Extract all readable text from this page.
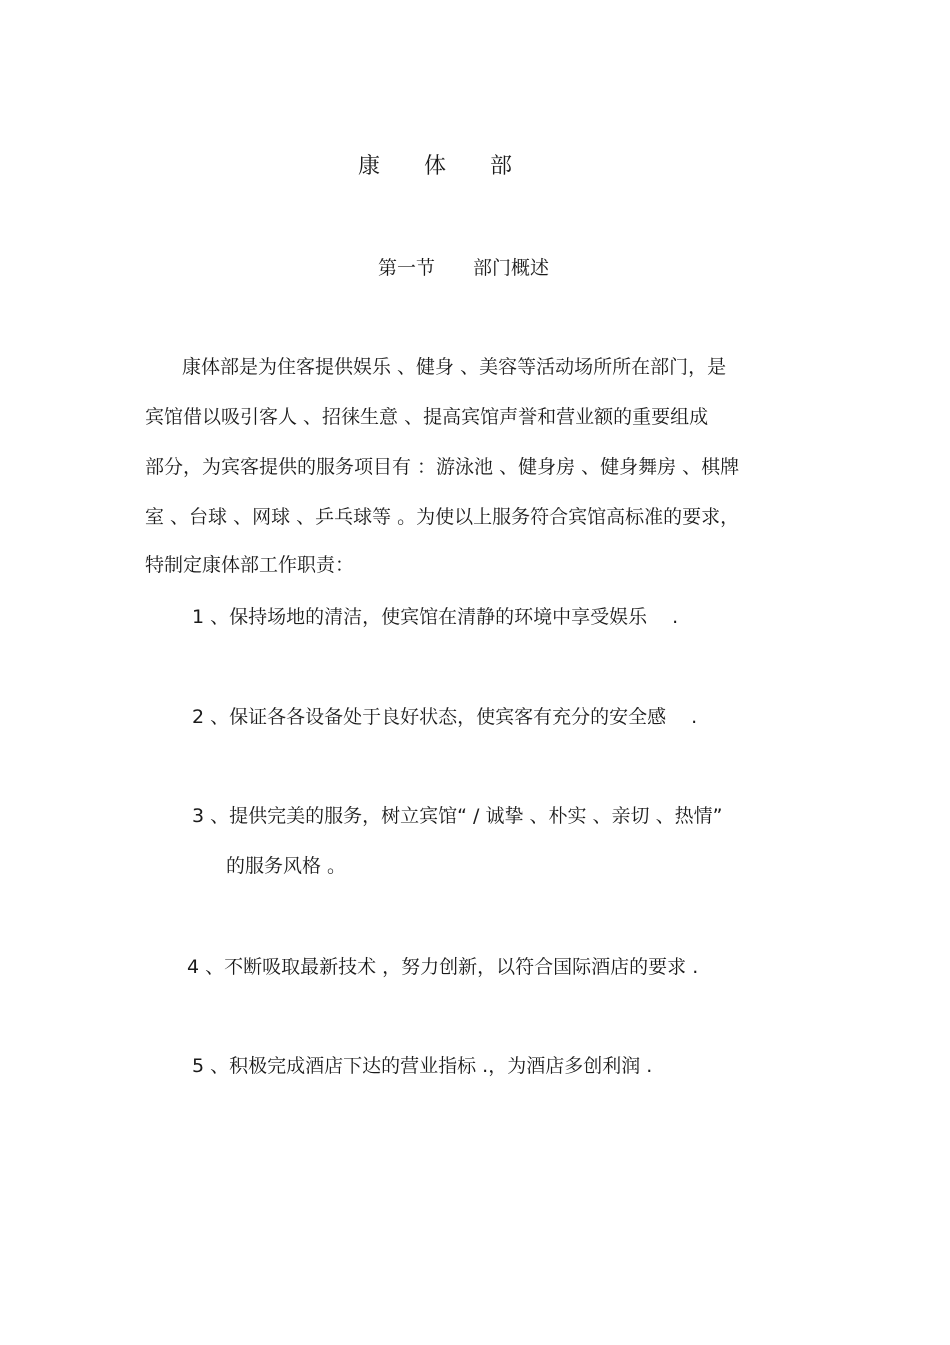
康　　体　　部
第一节　　部门概述
康体部是为住客提供娱乐 、健身 、美容等活动场所所在部门，是
宾馆借以吸引客人 、招徕生意 、提高宾馆声誉和营业额的重要组成
部分，为宾客提供的服务项目有 ：游泳池 、健身房 、健身舞房 、棋牌
室 、台球 、网球 、乒乓球等 。为使以上服务符合宾馆高标准的要求，
特制定康体部工作职责：
1 、保持场地的清洁，使宾馆在清静的环境中享受娱乐　 .
2 、保证各各设备处于良好状态，使宾客有充分的安全感　 .
3 、提供完美的服务，树立宾馆“ / 诚挚 、朴实 、亲切 、热情”
的服务风格 。
4 、不断吸取最新技术 ，努力创新，以符合国际酒店的要求 .
5 、积极完成酒店下达的营业指标 .，为酒店多创利润 .
